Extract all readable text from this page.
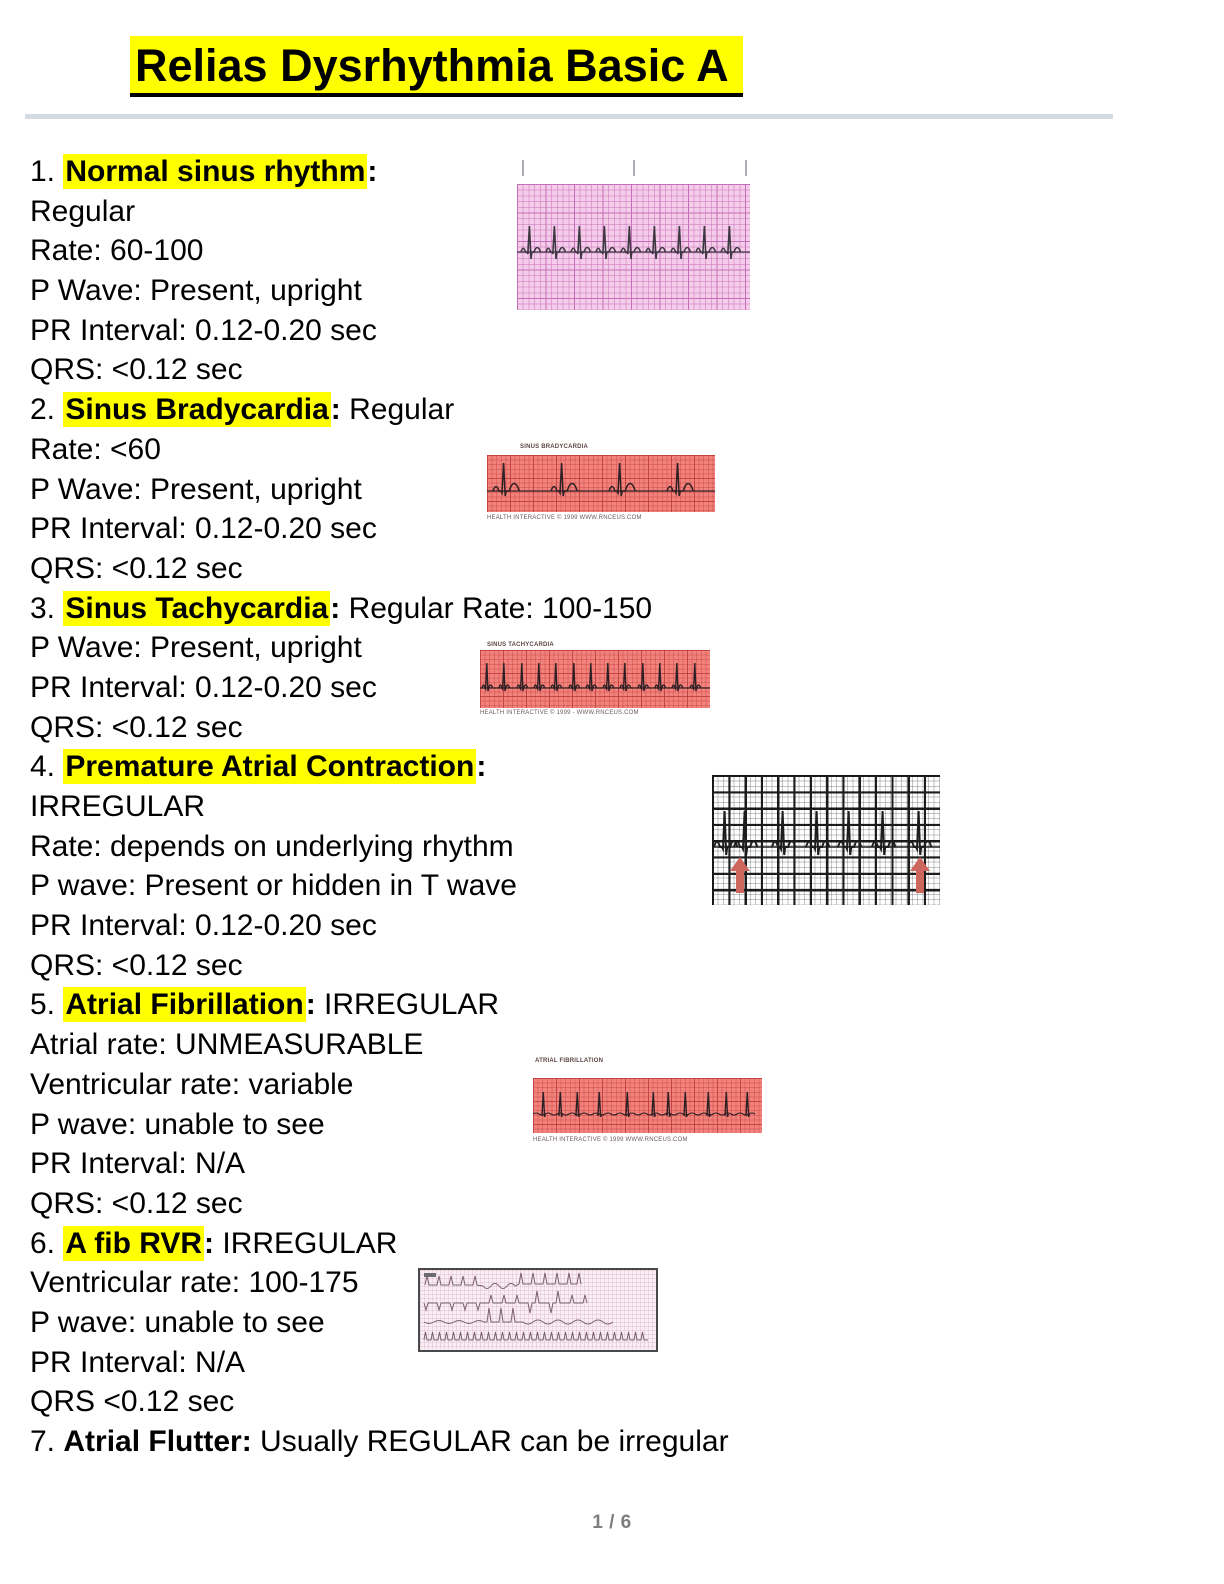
Relias Dysrhythmia Basic A
1. Normal sinus rhythm:
Regular
Rate: 60-100
P Wave: Present, upright
PR Interval: 0.12-0.20 sec
QRS: <0.12 sec
2. Sinus Bradycardia: Regular
Rate: <60
P Wave: Present, upright
PR Interval: 0.12-0.20 sec
QRS: <0.12 sec
3. Sinus Tachycardia: Regular Rate: 100-150
P Wave: Present, upright
PR Interval: 0.12-0.20 sec
QRS: <0.12 sec
4. Premature Atrial Contraction:
IRREGULAR
Rate: depends on underlying rhythm
P wave: Present or hidden in T wave
PR Interval: 0.12-0.20 sec
QRS: <0.12 sec
5. Atrial Fibrillation: IRREGULAR
Atrial rate: UNMEASURABLE
Ventricular rate: variable
P wave: unable to see
PR Interval: N/A
QRS: <0.12 sec
6. A fib RVR: IRREGULAR
Ventricular rate: 100-175
P wave: unable to see
PR Interval: N/A
QRS <0.12 sec
7. Atrial Flutter: Usually REGULAR can be irregular
SINUS BRADYCARDIA
HEALTH INTERACTIVE © 1999 WWW.RNCEUS.COM
SINUS TACHYCARDIA
HEALTH INTERACTIVE © 1999 - WWW.RNCEUS.COM
ATRIAL FIBRILLATION
HEALTH INTERACTIVE © 1999 WWW.RNCEUS.COM
1 / 6
